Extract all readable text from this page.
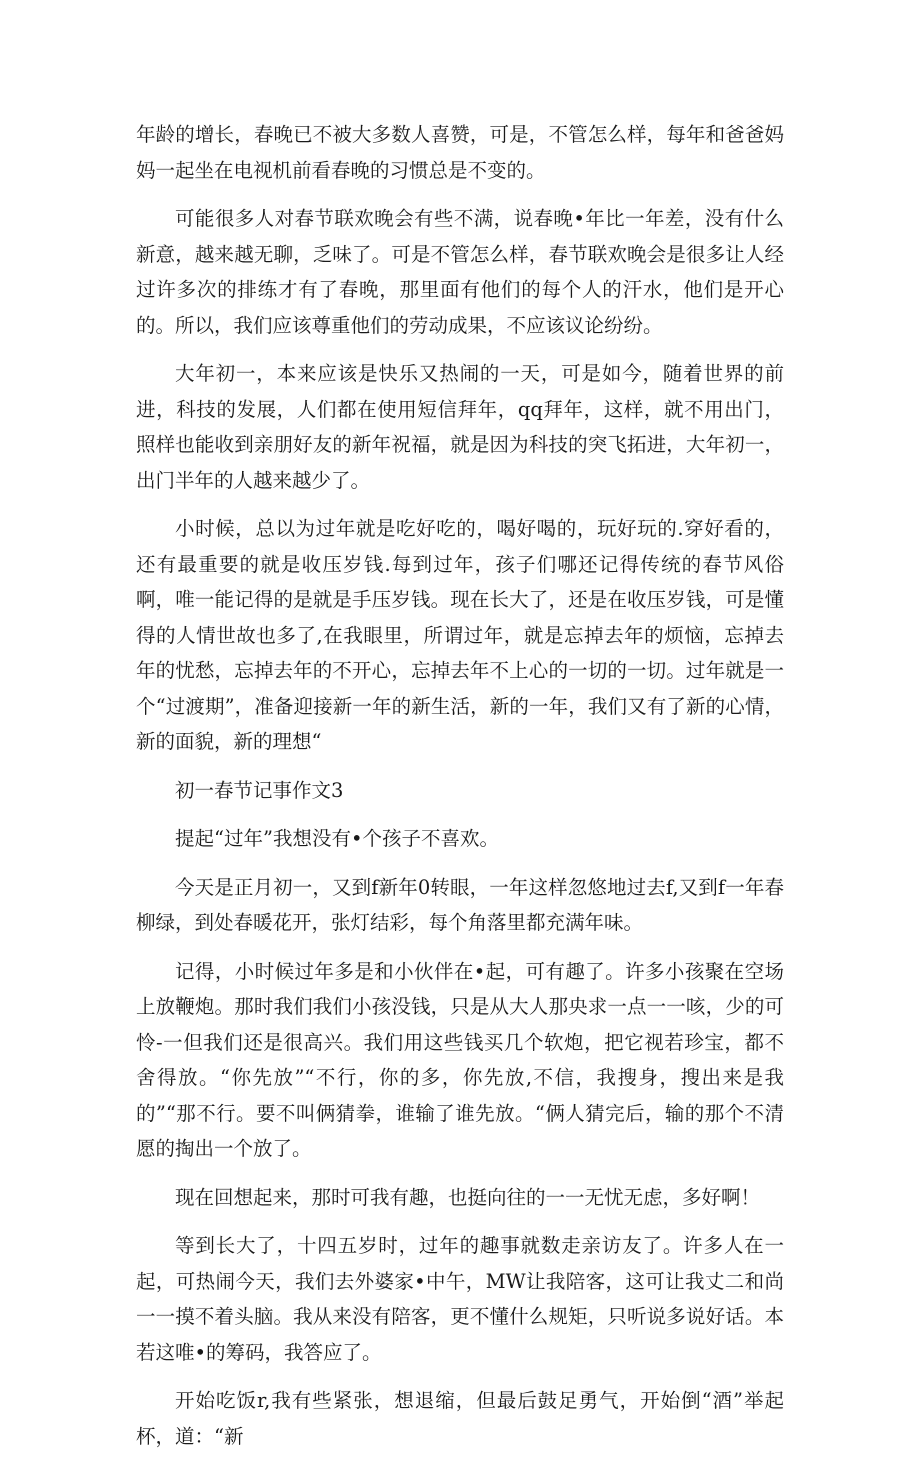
年龄的增长，春晚已不被大多数人喜赞，可是，不管怎么样，每年和爸爸妈妈一起坐在电视机前看春晚的习惯总是不变的。

可能很多人对春节联欢晚会有些不满，说春晚•年比一年差，没有什么新意，越来越无聊，乏味了。可是不管怎么样，春节联欢晚会是很多让人经过许多次的排练才有了春晚，那里面有他们的每个人的汗水，他们是开心的。所以，我们应该尊重他们的劳动成果，不应该议论纷纷。

大年初一，本来应该是快乐又热闹的一天，可是如今，随着世界的前进，科技的发展，人们都在使用短信拜年，qq拜年，这样，就不用出门，照样也能收到亲朋好友的新年祝福，就是因为科技的突飞拓进，大年初一，出门半年的人越来越少了。

小时候，总以为过年就是吃好吃的，喝好喝的，玩好玩的.穿好看的，还有最重要的就是收压岁钱.每到过年，孩子们哪还记得传统的春节风俗啊，唯一能记得的是就是手压岁钱。现在长大了，还是在收压岁钱，可是懂得的人情世故也多了,在我眼里，所谓过年，就是忘掉去年的烦恼，忘掉去年的忧愁，忘掉去年的不开心，忘掉去年不上心的一切的一切。过年就是一个“过渡期”，准备迎接新一年的新生活，新的一年，我们又有了新的心情，新的面貌，新的理想“

初一春节记事作文3

提起“过年”我想没有•个孩子不喜欢。

今天是正月初一，又到f新年0转眼，一年这样忽悠地过去f,又到f一年春柳绿，到处春暖花开，张灯结彩，每个角落里都充满年味。

记得，小时候过年多是和小伙伴在•起，可有趣了。许多小孩聚在空场上放鞭炮。那时我们我们小孩没钱，只是从大人那央求一点一一咳，少的可怜-一但我们还是很高兴。我们用这些钱买几个软炮，把它视若珍宝，都不舍得放。“你先放”“不行，你的多，你先放,不信，我搜身，搜出来是我的”“那不行。要不叫俩猜拳，谁输了谁先放。“俩人猜完后，输的那个不清愿的掏出一个放了。

现在回想起来，那时可我有趣，也挺向往的一一无忧无虑，多好啊！

等到长大了，十四五岁时，过年的趣事就数走亲访友了。许多人在一起，可热闹今天，我们去外婆家•中午，MW让我陪客，这可让我丈二和尚一一摸不着头脑。我从来没有陪客，更不懂什么规矩，只听说多说好话。本若这唯•的筹码，我答应了。

开始吃饭r,我有些紧张，想退缩，但最后鼓足勇气，开始倒“酒”举起杯，道：“新
